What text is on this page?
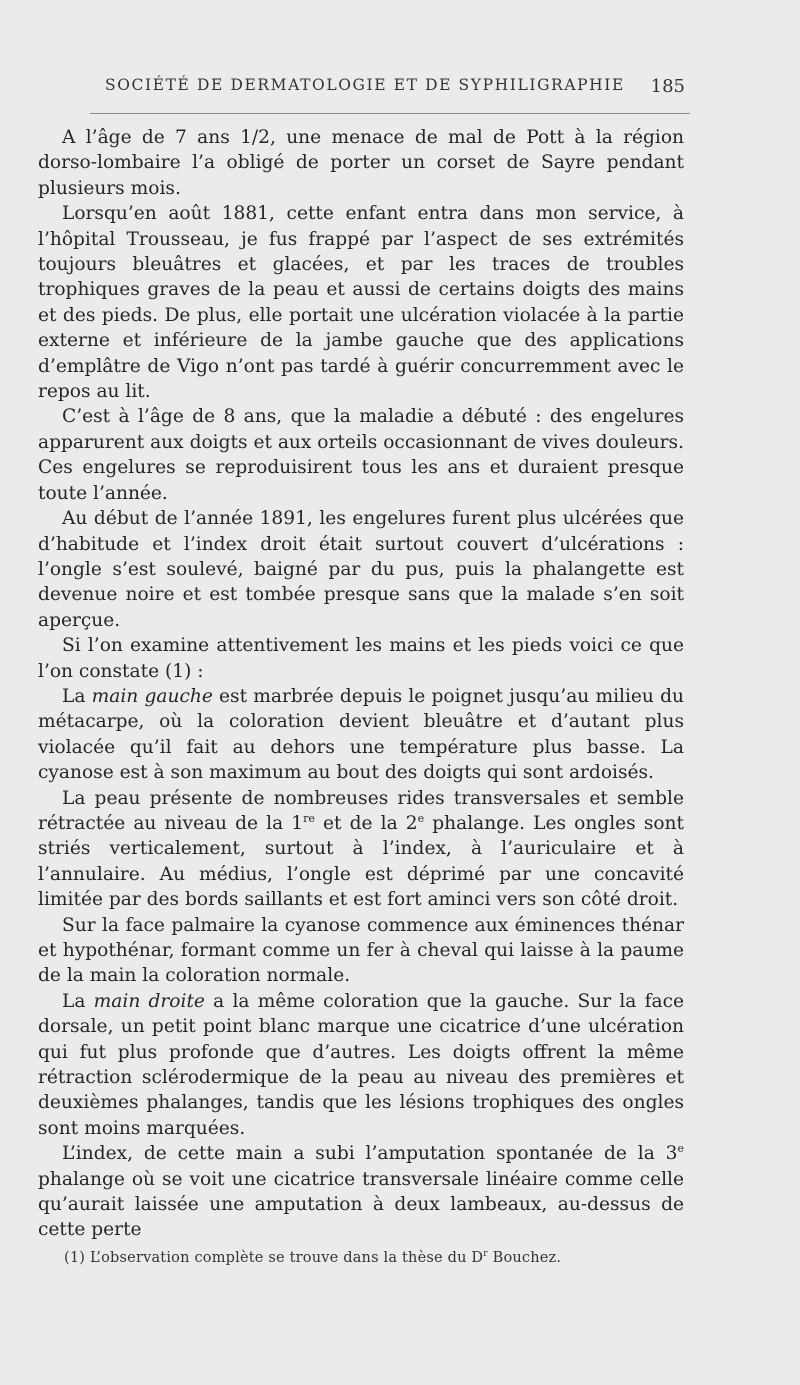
SOCIÉTÉ DE DERMATOLOGIE ET DE SYPHILIGRAPHIE 185

A l’âge de 7 ans 1/2, une menace de mal de Pott à la région dorso-lombaire l’a obligé de porter un corset de Sayre pendant plusieurs mois.

Lorsqu’en août 1881, cette enfant entra dans mon service, à l’hôpital Trousseau, je fus frappé par l’aspect de ses extrémités toujours bleuâtres et glacées, et par les traces de troubles trophiques graves de la peau et aussi de certains doigts des mains et des pieds. De plus, elle portait une ulcération violacée à la partie externe et inférieure de la jambe gauche que des applications d’emplâtre de Vigo n’ont pas tardé à guérir concurremment avec le repos au lit.

C’est à l’âge de 8 ans, que la maladie a débuté : des engelures apparurent aux doigts et aux orteils occasionnant de vives douleurs. Ces engelures se reproduisirent tous les ans et duraient presque toute l’année.

Au début de l’année 1891, les engelures furent plus ulcérées que d’habitude et l’index droit était surtout couvert d’ulcérations : l’ongle s’est soulevé, baigné par du pus, puis la phalangette est devenue noire et est tombée presque sans que la malade s’en soit aperçue.

Si l’on examine attentivement les mains et les pieds voici ce que l’on constate (1) :

La main gauche est marbrée depuis le poignet jusqu’au milieu du métacarpe, où la coloration devient bleuâtre et d’autant plus violacée qu’il fait au dehors une température plus basse. La cyanose est à son maximum au bout des doigts qui sont ardoisés.

La peau présente de nombreuses rides transversales et semble rétractée au niveau de la 1re et de la 2e phalange. Les ongles sont striés verticalement, surtout à l’index, à l’auriculaire et à l’annulaire. Au médius, l’ongle est déprimé par une concavité limitée par des bords saillants et est fort aminci vers son côté droit.

Sur la face palmaire la cyanose commence aux éminences thénar et hypothénar, formant comme un fer à cheval qui laisse à la paume de la main la coloration normale.

La main droite a la même coloration que la gauche. Sur la face dorsale, un petit point blanc marque une cicatrice d’une ulcération qui fut plus profonde que d’autres. Les doigts offrent la même rétraction sclérodermique de la peau au niveau des premières et deuxièmes phalanges, tandis que les lésions trophiques des ongles sont moins marquées.

L’index, de cette main a subi l’amputation spontanée de la 3e phalange où se voit une cicatrice transversale linéaire comme celle qu’aurait laissée une amputation à deux lambeaux, au-dessus de cette perte

(1) L’observation complète se trouve dans la thèse du $D^r$ Bouchez.
